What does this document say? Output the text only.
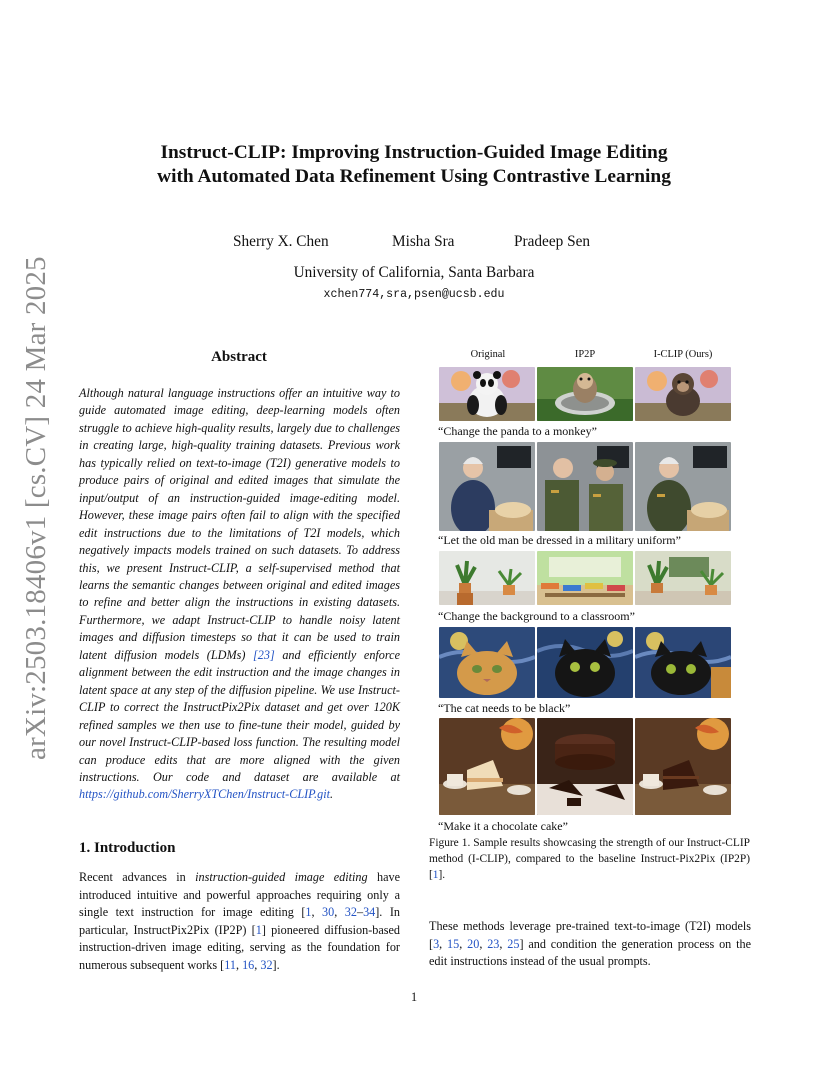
arXiv:2503.18406v1 [cs.CV] 24 Mar 2025
Instruct-CLIP: Improving Instruction-Guided Image Editing
with Automated Data Refinement Using Contrastive Learning
Sherry X. Chen	Misha Sra	Pradeep Sen
University of California, Santa Barbara
xchen774,sra,psen@ucsb.edu
Abstract
Although natural language instructions offer an intuitive way to guide automated image editing, deep-learning models often struggle to achieve high-quality results, largely due to challenges in creating large, high-quality training datasets. Previous work has typically relied on text-to-image (T2I) generative models to produce pairs of original and edited images that simulate the input/output of an instruction-guided image-editing model. However, these image pairs often fail to align with the specified edit instructions due to the limitations of T2I models, which negatively impacts models trained on such datasets. To address this, we present Instruct-CLIP, a self-supervised method that learns the semantic changes between original and edited images to refine and better align the instructions in existing datasets. Furthermore, we adapt Instruct-CLIP to handle noisy latent images and diffusion timesteps so that it can be used to train latent diffusion models (LDMs) [23] and efficiently enforce alignment between the edit instruction and the image changes in latent space at any step of the diffusion pipeline. We use Instruct-CLIP to correct the InstructPix2Pix dataset and get over 120K refined samples we then use to fine-tune their model, guided by our novel Instruct-CLIP-based loss function. The resulting model can produce edits that are more aligned with the given instructions. Our code and dataset are available at https://github.com/SherryXTChen/Instruct-CLIP.git.
1. Introduction
Recent advances in instruction-guided image editing have introduced intuitive and powerful approaches requiring only a single text instruction for image editing [1, 30, 32–34]. In particular, InstructPix2Pix (IP2P) [1] pioneered diffusion-based instruction-driven image editing, serving as the foundation for numerous subsequent works [11, 16, 32].
Original	IP2P	I-CLIP (Ours)
“Change the panda to a monkey”
“Let the old man be dressed in a military uniform”
“Change the background to a classroom”
“The cat needs to be black”
“Make it a chocolate cake”
Figure 1. Sample results showcasing the strength of our Instruct-CLIP method (I-CLIP), compared to the baseline Instruct-Pix2Pix (IP2P) [1].
These methods leverage pre-trained text-to-image (T2I) models [3, 15, 20, 23, 25] and condition the generation process on the edit instructions instead of the usual prompts.
1
